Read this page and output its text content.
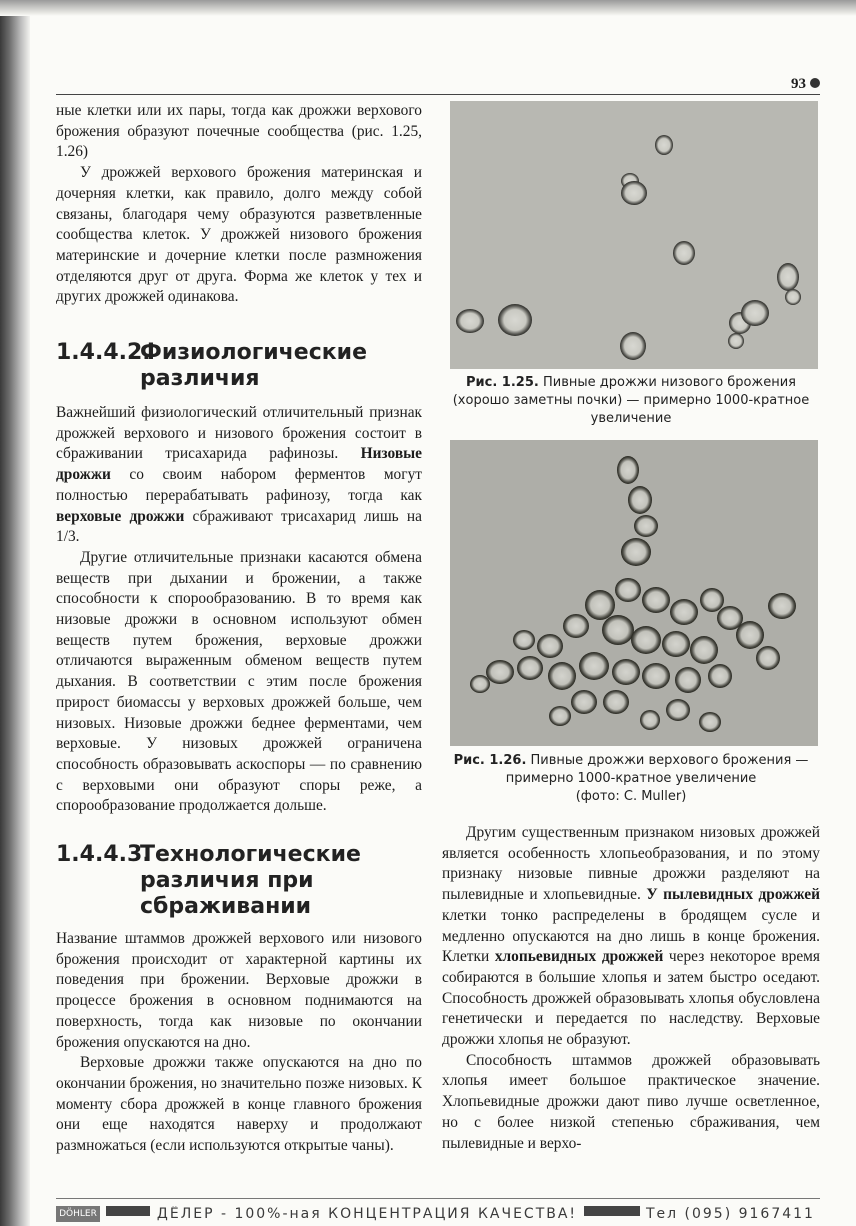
93

ные клетки или их пары, тогда как дрожжи верхового брожения образуют почечные сообщества (рис. 1.25, 1.26)

У дрожжей верхового брожения материнская и дочерняя клетки, как правило, долго между собой связаны, благодаря чему образуются разветвленные сообщества клеток. У дрожжей низового брожения материнские и дочерние клетки после размножения отделяются друг от друга. Форма же клеток у тех и других дрожжей одинакова.

1.4.4.2.Физиологические различия

Важнейший физиологический отличительный признак дрожжей верхового и низового брожения состоит в сбраживании трисахарида рафинозы. Низовые дрожжи со своим набором ферментов могут полностью перерабатывать рафинозу, тогда как верховые дрожжи сбраживают трисахарид лишь на 1/3.

Другие отличительные признаки касаются обмена веществ при дыхании и брожении, а также способности к спорообразованию. В то время как низовые дрожжи в основном используют обмен веществ путем брожения, верховые дрожжи отличаются выраженным обменом веществ путем дыхания. В соответствии с этим после брожения прирост биомассы у верховых дрожжей больше, чем низовых. Низовые дрожжи беднее ферментами, чем верховые. У низовых дрожжей ограничена способность образовывать аскоспоры — по сравнению с верховыми они образуют споры реже, а спорообразование продолжается дольше.

1.4.4.3.Технологические различия при сбраживании

Название штаммов дрожжей верхового или низового брожения происходит от характерной картины их поведения при брожении. Верховые дрожжи в процессе брожения в основном поднимаются на поверхность, тогда как низовые по окончании брожения опускаются на дно.

Верховые дрожжи также опускаются на дно по окончании брожения, но значительно позже низовых. К моменту сбора дрожжей в конце главного брожения они еще находятся наверху и продолжают размножаться (если используются открытые чаны).

Рис. 1.25. Пивные дрожжи низового брожения (хорошо заметны почки) — примерно 1000-кратное увеличение
Рис. 1.26. Пивные дрожжи верхового брожения — примерно 1000-кратное увеличение
(фото: C. Muller)

Другим существенным признаком низовых дрожжей является особенность хлопьеобразования, и по этому признаку низовые пивные дрожжи разделяют на пылевидные и хлопьевидные. У пылевидных дрожжей клетки тонко распределены в бродящем сусле и медленно опускаются на дно лишь в конце брожения. Клетки хлопьевидных дрожжей через некоторое время собираются в большие хлопья и затем быстро оседают. Способность дрожжей образовывать хлопья обусловлена генетически и передается по наследству. Верховые дрожжи хлопья не образуют.

Способность штаммов дрожжей образовывать хлопья имеет большое практическое значение. Хлопьевидные дрожжи дают пиво лучше осветленное, но с более низкой степенью сбраживания, чем пылевидные и верхо-

DÖHLER	ДЁЛЕР - 100%-ная КОНЦЕНТРАЦИЯ КАЧЕСТВА!	Тел (095) 9167411
